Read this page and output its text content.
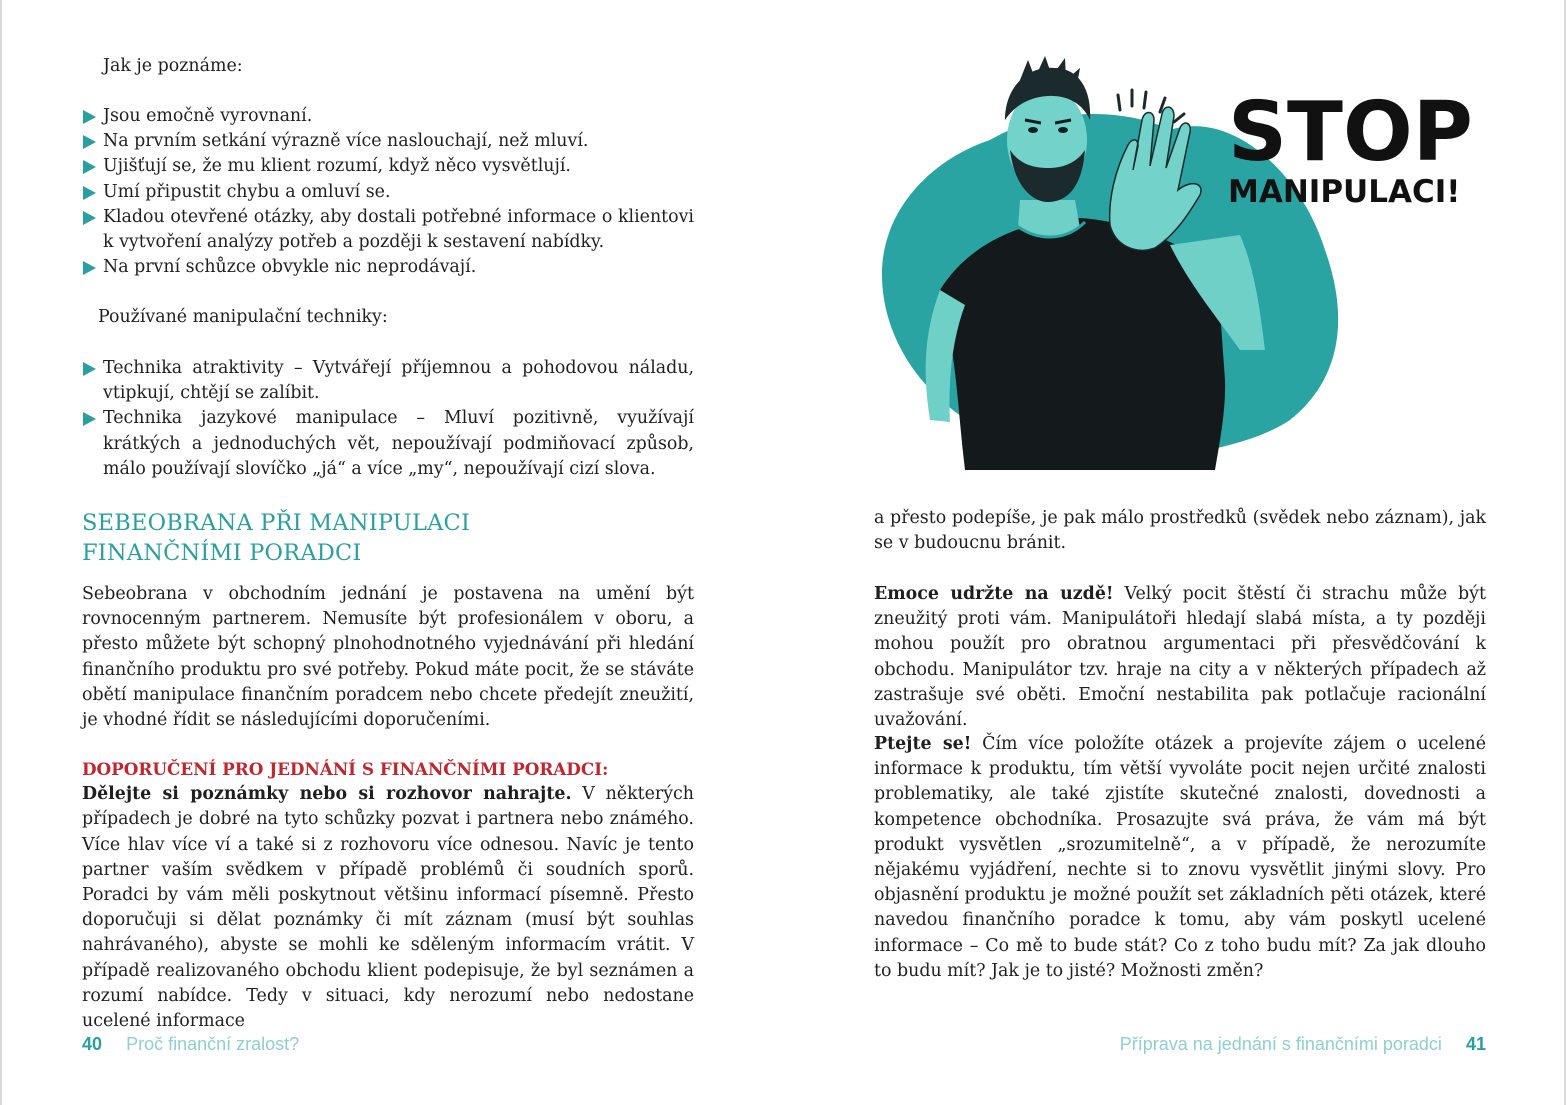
Jak je poznáme:

Jsou emočně vyrovnaní.
Na prvním setkání výrazně více naslouchají, než mluví.
Ujišťují se, že mu klient rozumí, když něco vysvětlují.
Umí připustit chybu a omluví se.
Kladou otevřené otázky, aby dostali potřebné informace o klientovi k vytvoření analýzy potřeb a později k sestavení nabídky.
Na první schůzce obvykle nic neprodávají.

Používané manipulační techniky:

Technika atraktivity – Vytvářejí příjemnou a pohodovou náladu, vtipkují, chtějí se zalíbit.
Technika jazykové manipulace – Mluví pozitivně, využívají krátkých a jednoduchých vět, nepoužívají podmiňovací způsob, málo používají slovíčko „já“ a více „my“, nepoužívají cizí slova.
SEBEOBRANA PŘI MANIPULACI
FINANČNÍMI PORADCI

Sebeobrana v obchodním jednání je postavena na umění být rovnocenným partnerem. Nemusíte být profesionálem v oboru, a přesto můžete být schopný plnohodnotného vyjednávání při hledání finančního produktu pro své potřeby. Pokud máte pocit, že se stáváte obětí manipulace finančním poradcem nebo chcete předejít zneužití, je vhodné řídit se následujícími doporučeními.

DOPORUČENÍ PRO JEDNÁNÍ S FINANČNÍMI PORADCI:

Dělejte si poznámky nebo si rozhovor nahrajte. V některých případech je dobré na tyto schůzky pozvat i partnera nebo známého. Více hlav více ví a také si z rozhovoru více odnesou. Navíc je tento partner vaším svědkem v případě problémů či soudních sporů. Poradci by vám měli poskytnout většinu informací písemně. Přesto doporučuji si dělat poznámky či mít záznam (musí být souhlas nahrávaného), abyste se mohli ke sděleným informacím vrátit. V případě realizovaného obchodu klient podepisuje, že byl seznámen a rozumí nabídce. Tedy v situaci, kdy nerozumí nebo nedostane ucelené informace

40 Proč finanční zralost?
STOP
MANIPULACI!

a přesto podepíše, je pak málo prostředků (svědek nebo záznam), jak se v budoucnu bránit.

Emoce udržte na uzdě! Velký pocit štěstí či strachu může být zneužitý proti vám. Manipulátoři hledají slabá místa, a ty později mohou použít pro obratnou argumentaci při přesvědčování k obchodu. Manipulátor tzv. hraje na city a v některých případech až zastrašuje své oběti. Emoční nestabilita pak potlačuje racionální uvažování.

Ptejte se! Čím více položíte otázek a projevíte zájem o ucelené informace k produktu, tím větší vyvoláte pocit nejen určité znalosti problematiky, ale také zjistíte skutečné znalosti, dovednosti a kompetence obchodníka. Prosazujte svá práva, že vám má být produkt vysvětlen „srozumitelně“, a v případě, že nerozumíte nějakému vyjádření, nechte si to znovu vysvětlit jinými slovy. Pro objasnění produktu je možné použít set základních pěti otázek, které navedou finančního poradce k tomu, aby vám poskytl ucelené informace – Co mě to bude stát? Co z toho budu mít? Za jak dlouho to budu mít? Jak je to jisté? Možnosti změn?

Příprava na jednání s finančními poradci 41
